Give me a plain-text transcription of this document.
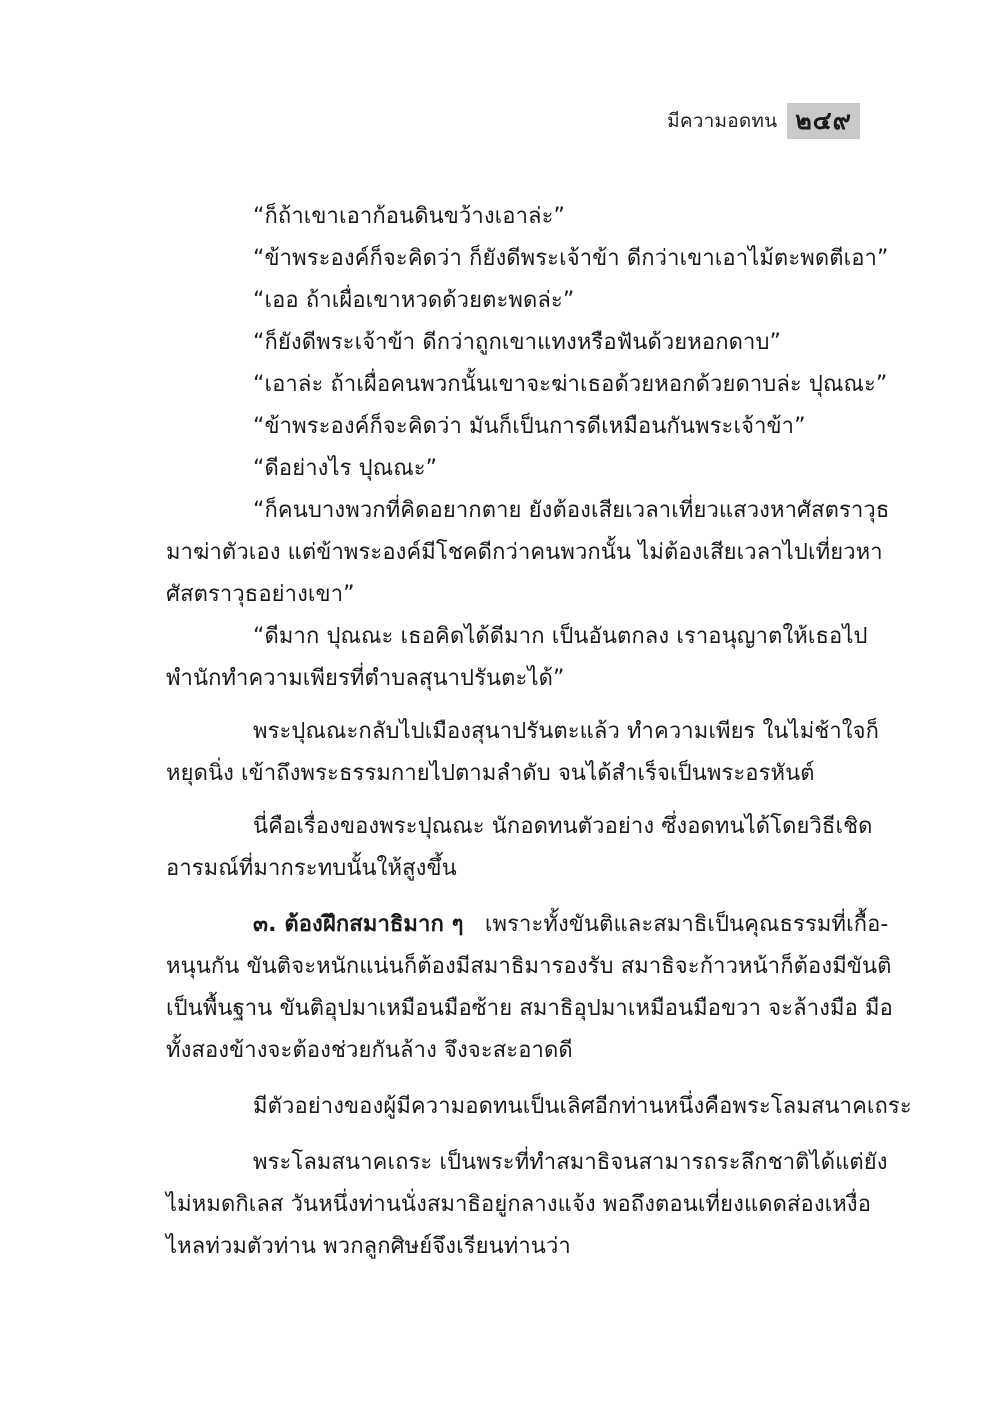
มีความอดทน ๒๔๙
“ก็ถ้าเขาเอาก้อนดินขว้างเอาล่ะ”
“ข้าพระองค์ก็จะคิดว่า ก็ยังดีพระเจ้าข้า ดีกว่าเขาเอาไม้ตะพดตีเอา”
“เออ ถ้าเผื่อเขาหวดด้วยตะพดล่ะ”
“ก็ยังดีพระเจ้าข้า ดีกว่าถูกเขาแทงหรือฟันด้วยหอกดาบ”
“เอาล่ะ ถ้าเผื่อคนพวกนั้นเขาจะฆ่าเธอด้วยหอกด้วยดาบล่ะ ปุณณะ”
“ข้าพระองค์ก็จะคิดว่า มันก็เป็นการดีเหมือนกันพระเจ้าข้า”
“ดีอย่างไร ปุณณะ”
“ก็คนบางพวกที่คิดอยากตาย ยังต้องเสียเวลาเที่ยวแสวงหาศัสตราวุธ
มาฆ่าตัวเอง แต่ข้าพระองค์มีโชคดีกว่าคนพวกนั้น ไม่ต้องเสียเวลาไปเที่ยวหา
ศัสตราวุธอย่างเขา”
“ดีมาก ปุณณะ เธอคิดได้ดีมาก เป็นอันตกลง เราอนุญาตให้เธอไป
พำนักทำความเพียรที่ตำบลสุนาปรันตะได้”
พระปุณณะกลับไปเมืองสุนาปรันตะแล้ว ทำความเพียร ในไม่ช้าใจก็
หยุดนิ่ง เข้าถึงพระธรรมกายไปตามลำดับ จนได้สำเร็จเป็นพระอรหันต์
นี่คือเรื่องของพระปุณณะ นักอดทนตัวอย่าง ซึ่งอดทนได้โดยวิธีเชิด
อารมณ์ที่มากระทบนั้นให้สูงขึ้น
๓. ต้องฝึกสมาธิมาก ๆ เพราะทั้งขันติและสมาธิเป็นคุณธรรมที่เกื้อ-
หนุนกัน ขันติจะหนักแน่นก็ต้องมีสมาธิมารองรับ สมาธิจะก้าวหน้าก็ต้องมีขันติ
เป็นพื้นฐาน ขันติอุปมาเหมือนมือซ้าย สมาธิอุปมาเหมือนมือขวา จะล้างมือ มือ
ทั้งสองข้างจะต้องช่วยกันล้าง จึงจะสะอาดดี
มีตัวอย่างของผู้มีความอดทนเป็นเลิศอีกท่านหนึ่งคือพระโลมสนาคเถระ
พระโลมสนาคเถระ เป็นพระที่ทำสมาธิจนสามารถระลึกชาติได้แต่ยัง
ไม่หมดกิเลส วันหนึ่งท่านนั่งสมาธิอยู่กลางแจ้ง พอถึงตอนเที่ยงแดดส่องเหงื่อ
ไหลท่วมตัวท่าน พวกลูกศิษย์จึงเรียนท่านว่า
